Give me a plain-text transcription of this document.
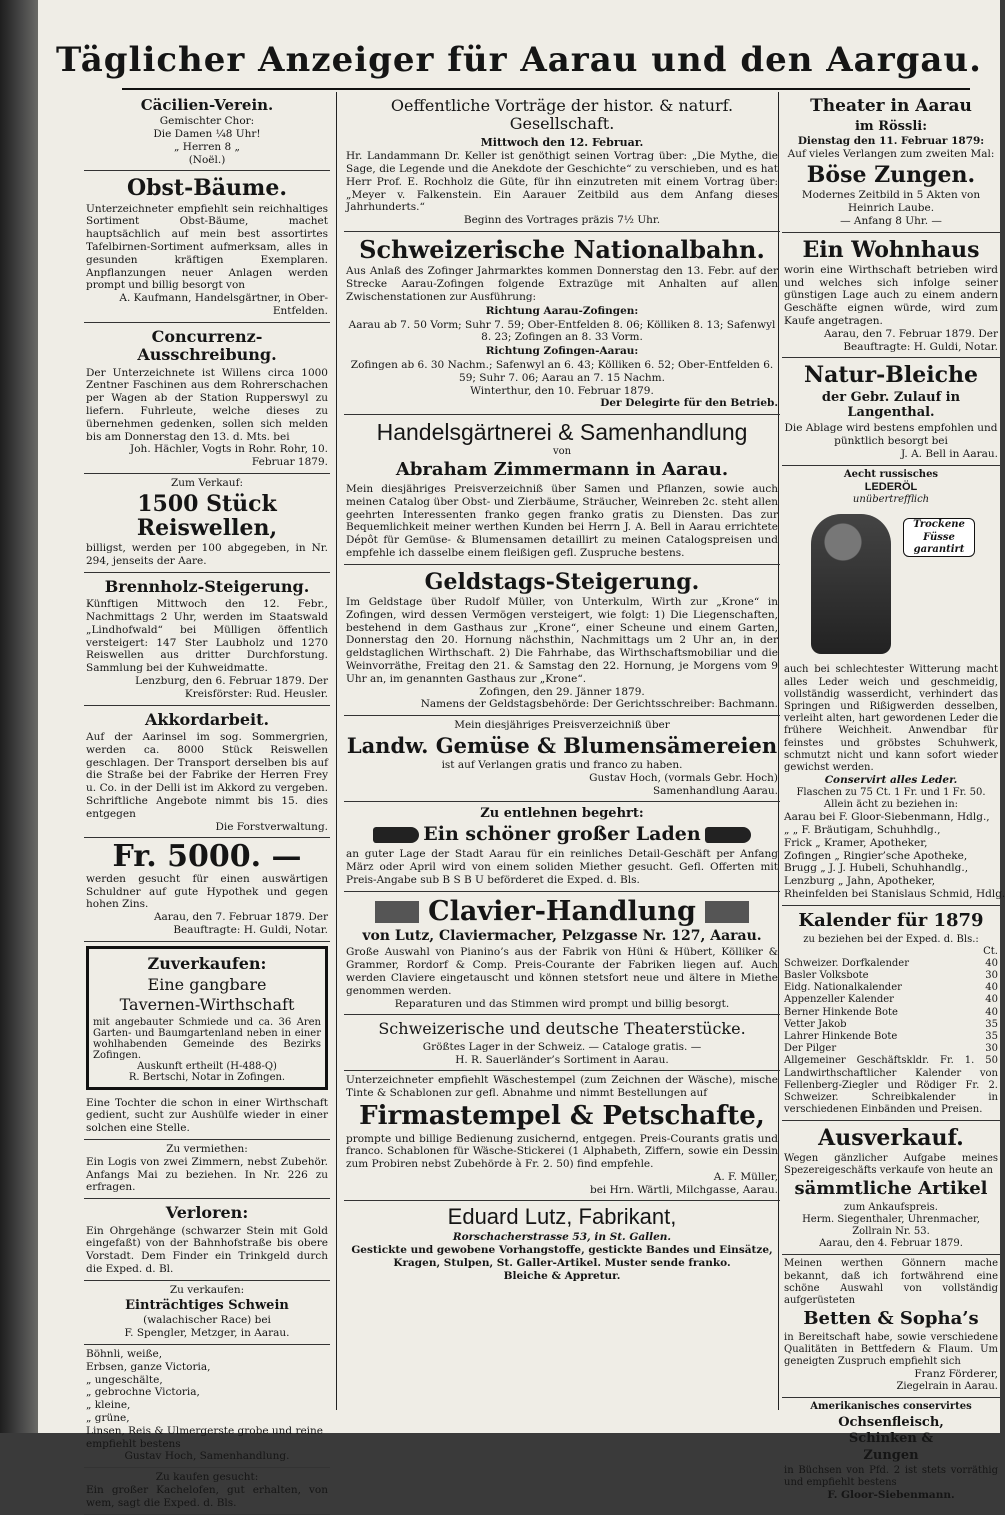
Täglicher Anzeiger für Aarau und den Aargau.
Cäcilien-Verein.
Gemischter Chor:
Die Damen ¼8 Uhr!
„ Herren 8 „
(Noël.)
Obst-Bäume.
Unterzeichneter empfiehlt sein reichhaltiges Sortiment Obst-Bäume, machet hauptsächlich auf mein best assortirtes Tafelbirnen-Sortiment aufmerksam, alles in gesunden kräftigen Exemplaren. Anpflanzungen neuer Anlagen werden prompt und billig besorgt von
A. Kaufmann, Handelsgärtner, in Ober-Entfelden.
Concurrenz-Ausschreibung.
Der Unterzeichnete ist Willens circa 1000 Zentner Faschinen aus dem Rohrerschachen per Wagen ab der Station Rupperswyl zu liefern. Fuhrleute, welche dieses zu übernehmen gedenken, sollen sich melden bis am Donnerstag den 13. d. Mts. bei
Joh. Hächler, Vogts in Rohr. Rohr, 10. Februar 1879.
Zum Verkauf:
1500 Stück Reiswellen,
billigst, werden per 100 abgegeben, in Nr. 294, jenseits der Aare.
Brennholz-Steigerung.
Künftigen Mittwoch den 12. Febr., Nachmittags 2 Uhr, werden im Staatswald „Lindhofwald“ bei Mülligen öffentlich versteigert: 147 Ster Laubholz und 1270 Reiswellen aus dritter Durchforstung. Sammlung bei der Kuhweidmatte.
Lenzburg, den 6. Februar 1879. Der Kreisförster: Rud. Heusler.
Akkordarbeit.
Auf der Aarinsel im sog. Sommergrien, werden ca. 8000 Stück Reiswellen geschlagen. Der Transport derselben bis auf die Straße bei der Fabrike der Herren Frey u. Co. in der Delli ist im Akkord zu vergeben. Schriftliche Angebote nimmt bis 15. dies entgegen
Die Forstverwaltung.
Fr. 5000. —
werden gesucht für einen auswärtigen Schuldner auf gute Hypothek und gegen hohen Zins.
Aarau, den 7. Februar 1879. Der Beauftragte: H. Guldi, Notar.
Zuverkaufen:
Eine gangbare
Tavernen-Wirthschaft
mit angebauter Schmiede und ca. 36 Aren Garten- und Baumgartenland neben in einer wohlhabenden Gemeinde des Bezirks Zofingen.
Auskunft ertheilt (H-488-Q)
R. Bertschi, Notar in Zofingen.
Eine Tochter die schon in einer Wirthschaft gedient, sucht zur Aushülfe wieder in einer solchen eine Stelle.
Zu vermiethen:
Ein Logis von zwei Zimmern, nebst Zubehör. Anfangs Mai zu beziehen. In Nr. 226 zu erfragen.
Verloren:
Ein Ohrgehänge (schwarzer Stein mit Gold eingefaßt) von der Bahnhofstraße bis obere Vorstadt. Dem Finder ein Trinkgeld durch die Exped. d. Bl.
Zu verkaufen:
Einträchtiges Schwein
(walachischer Race) bei
F. Spengler, Metzger, in Aarau.
Böhnli, weiße,
Erbsen, ganze Victoria,
„ ungeschälte,
„ gebrochne Victoria,
„ kleine,
„ grüne,
Linsen, Reis & Ulmergerste grobe und reine empfiehlt bestens
Gustav Hoch, Samenhandlung.
Zu kaufen gesucht:
Ein großer Kachelofen, gut erhalten, von wem, sagt die Exped. d. Bls.
Oeffentliche Vorträge der histor. & naturf. Gesellschaft.
Mittwoch den 12. Februar.
Hr. Landammann Dr. Keller ist genöthigt seinen Vortrag über: „Die Mythe, die Sage, die Legende und die Anekdote der Geschichte“ zu verschieben, und es hat Herr Prof. E. Rochholz die Güte, für ihn einzutreten mit einem Vortrag über: „Meyer v. Falkenstein. Ein Aarauer Zeitbild aus dem Anfang dieses Jahrhunderts.“
Beginn des Vortrages präzis 7½ Uhr.
Schweizerische Nationalbahn.
Aus Anlaß des Zofinger Jahrmarktes kommen Donnerstag den 13. Febr. auf der Strecke Aarau-Zofingen folgende Extrazüge mit Anhalten auf allen Zwischenstationen zur Ausführung:
Richtung Aarau-Zofingen:
Aarau ab 7. 50 Vorm; Suhr 7. 59; Ober-Entfelden 8. 06; Kölliken 8. 13; Safenwyl 8. 23; Zofingen an 8. 33 Vorm.
Richtung Zofingen-Aarau:
Zofingen ab 6. 30 Nachm.; Safenwyl an 6. 43; Kölliken 6. 52; Ober-Entfelden 6. 59; Suhr 7. 06; Aarau an 7. 15 Nachm.
Winterthur, den 10. Februar 1879.
Der Delegirte für den Betrieb.
Handelsgärtnerei & Samenhandlung
von
Abraham Zimmermann in Aarau.
Mein diesjähriges Preisverzeichniß über Samen und Pflanzen, sowie auch meinen Catalog über Obst- und Zierbäume, Sträucher, Weinreben 2c. steht allen geehrten Interessenten franko gegen franko gratis zu Diensten. Das zur Bequemlichkeit meiner werthen Kunden bei Herrn J. A. Bell in Aarau errichtete Dépôt für Gemüse- & Blumensamen detaillirt zu meinen Catalogspreisen und empfehle ich dasselbe einem fleißigen gefl. Zuspruche bestens.
Geldstags-Steigerung.
Im Geldstage über Rudolf Müller, von Unterkulm, Wirth zur „Krone“ in Zofingen, wird dessen Vermögen versteigert, wie folgt: 1) Die Liegenschaften, bestehend in dem Gasthaus zur „Krone“, einer Scheune und einem Garten, Donnerstag den 20. Hornung nächsthin, Nachmittags um 2 Uhr an, in der geldstaglichen Wirthschaft. 2) Die Fahrhabe, das Wirthschaftsmobiliar und die Weinvorräthe, Freitag den 21. & Samstag den 22. Hornung, je Morgens vom 9 Uhr an, im genannten Gasthaus zur „Krone“.
Zofingen, den 29. Jänner 1879.
Namens der Geldstagsbehörde: Der Gerichtsschreiber: Bachmann.
Mein diesjähriges Preisverzeichniß über
Landw. Gemüse & Blumensämereien
ist auf Verlangen gratis und franco zu haben.
Gustav Hoch, (vormals Gebr. Hoch)
Samenhandlung Aarau.
Zu entlehnen begehrt:
Ein schöner großer Laden
an guter Lage der Stadt Aarau für ein reinliches Detail-Geschäft per Anfang März oder April wird von einem soliden Miether gesucht. Gefl. Offerten mit Preis-Angabe sub B S B U beförderet die Exped. d. Bls.
Clavier-Handlung
von Lutz, Claviermacher, Pelzgasse Nr. 127, Aarau.
Große Auswahl von Pianino’s aus der Fabrik von Hüni & Hübert, Kölliker & Grammer, Rordorf & Comp. Preis-Courante der Fabriken liegen auf. Auch werden Claviere eingetauscht und können stetsfort neue und ältere in Miethe genommen werden.
Reparaturen und das Stimmen wird prompt und billig besorgt.
Schweizerische und deutsche Theaterstücke.
Größtes Lager in der Schweiz. — Cataloge gratis. —
H. R. Sauerländer’s Sortiment in Aarau.
Unterzeichneter empfiehlt Wäschestempel (zum Zeichnen der Wäsche), mische Tinte & Schablonen zur gefl. Abnahme und nimmt Bestellungen auf
Firmastempel & Petschafte,
prompte und billige Bedienung zusichernd, entgegen. Preis-Courants gratis und franco. Schablonen für Wäsche-Stickerei (1 Alphabeth, Ziffern, sowie ein Dessin zum Probiren nebst Zubehörde à Fr. 2. 50) find empfehle.
A. F. Müller,
bei Hrn. Wärtli, Milchgasse, Aarau.
Eduard Lutz, Fabrikant,
Rorschacherstrasse 53, in St. Gallen.
Gestickte und gewobene Vorhangstoffe, gestickte Bandes und Einsätze, Kragen, Stulpen, St. Galler-Artikel. Muster sende franko.
Bleiche & Appretur.
Theater in Aarau
im Rössli:
Dienstag den 11. Februar 1879:
Auf vieles Verlangen zum zweiten Mal:
Böse Zungen.
Modernes Zeitbild in 5 Akten von Heinrich Laube.
— Anfang 8 Uhr. —
Ein Wohnhaus
worin eine Wirthschaft betrieben wird und welches sich infolge seiner günstigen Lage auch zu einem andern Geschäfte eignen würde, wird zum Kaufe angetragen.
Aarau, den 7. Februar 1879. Der Beauftragte: H. Guldi, Notar.
Natur-Bleiche
der Gebr. Zulauf in Langenthal.
Die Ablage wird bestens empfohlen und pünktlich besorgt bei
J. A. Bell in Aarau.
Aecht russisches
LEDERÖL
unübertrefflich
Trockene Füsse garantirt
auch bei schlechtester Witterung macht alles Leder weich und geschmeidig, vollständig wasserdicht, verhindert das Springen und Rißigwerden desselben, verleiht alten, hart gewordenen Leder die frühere Weichheit. Anwendbar für feinstes und gröbstes Schuhwerk, schmutzt nicht und kann sofort wieder gewichst werden.
Conservirt alles Leder.
Flaschen zu 75 Ct. 1 Fr. und 1 Fr. 50. Allein ächt zu beziehen in:
Aarau bei F. Gloor-Siebenmann, Hdlg.,
„ „ F. Bräutigam, Schuhhdlg.,
Frick „ Kramer, Apotheker,
Zofingen „ Ringier’sche Apotheke,
Brugg „ J. J. Hubeli, Schuhhandlg.,
Lenzburg „ Jahn, Apotheker,
Rheinfelden bei Stanislaus Schmid, Hdlg.
Kalender für 1879
zu beziehen bei der Exped. d. Bls.:
Ct.
Schweizer. Dorfkalender	40
Basler Volksbote	30
Eidg. Nationalkalender	40
Appenzeller Kalender	40
Berner Hinkende Bote	40
Vetter Jakob	35
Lahrer Hinkende Bote	35
Der Pilger	30
Allgemeiner Geschäftskldr. Fr. 1. 50 Landwirthschaftlicher Kalender von Fellenberg-Ziegler und Rödiger Fr. 2. Schweizer. Schreibkalender in verschiedenen Einbänden und Preisen.
Ausverkauf.
Wegen gänzlicher Aufgabe meines Spezereigeschäfts verkaufe von heute an
sämmtliche Artikel
zum Ankaufspreis.
Herm. Siegenthaler, Uhrenmacher, Zollrain Nr. 53.
Aarau, den 4. Februar 1879.
Meinen werthen Gönnern mache bekannt, daß ich fortwährend eine schöne Auswahl von vollständig aufgerüsteten
Betten & Sopha’s
in Bereitschaft habe, sowie verschiedene Qualitäten in Bettfedern & Flaum. Um geneigten Zuspruch empfiehlt sich
Franz Förderer,
Ziegelrain in Aarau.
Amerikanisches conservirtes
Ochsenfleisch,
Schinken &
Zungen
in Büchsen von Pfd. 2 ist stets vorräthig und empfiehlt bestens
F. Gloor-Siebenmann.
